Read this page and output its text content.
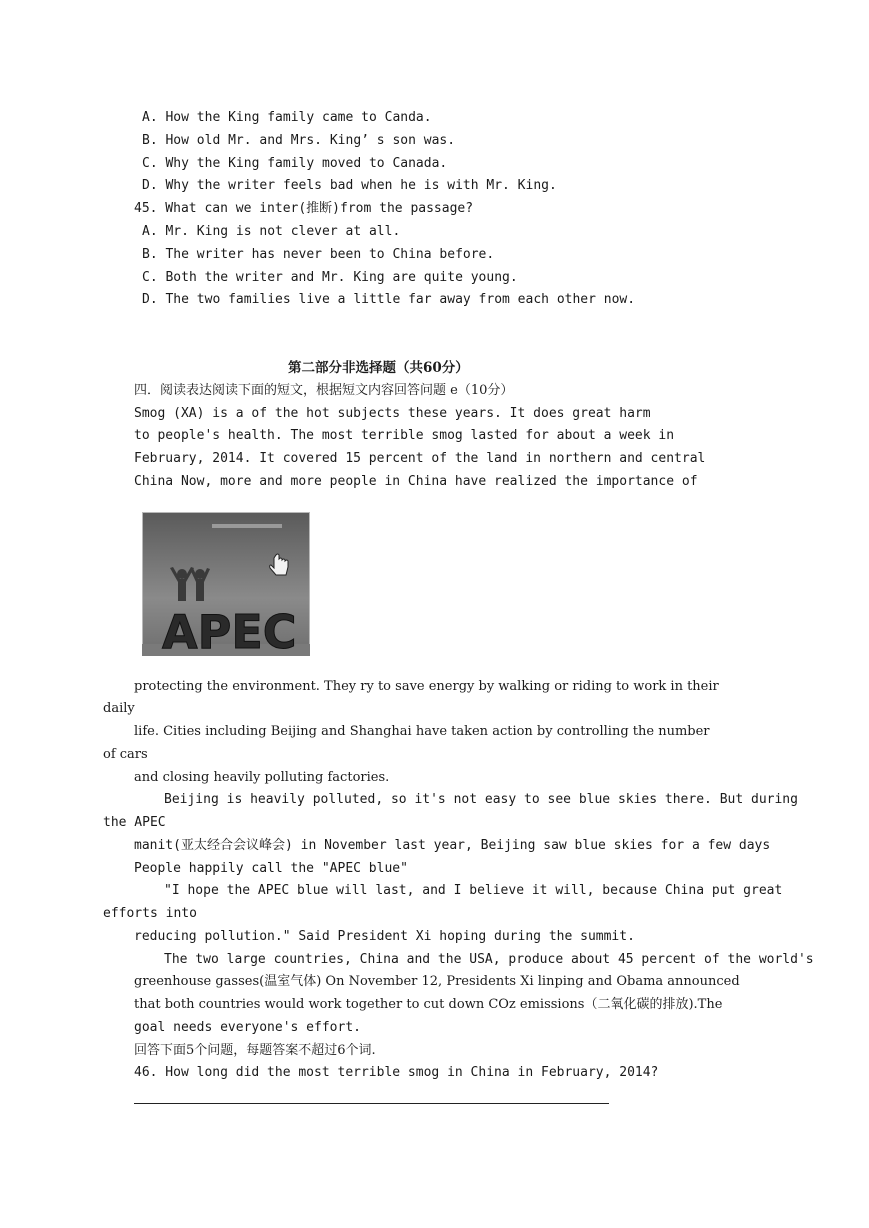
A. How the King family came to Canda.
B. How old Mr. and Mrs. King’ s son was.
C. Why the King family moved to Canada.
D. Why the writer feels bad when he is with Mr. King.
45. What can we inter(推断)from the passage?
A. Mr. King is not clever at all.
B. The writer has never been to China before.
C. Both the writer and Mr. King are quite young.
D. The two families live a little far away from each other now.
第二部分非选择题（共60分）
四．阅读表达阅读下面的短文，根据短文内容回答问题 e（10分）
Smog (XA) is a of the hot subjects these years. It does great harm
to people's health. The most terrible smog lasted for about a week in
February, 2014. It covered 15 percent of the land in northern and central
China Now, more and more people in China have realized the importance of
APEC
protecting the environment. They ry to save energy by walking or riding to work in their
daily
life. Cities including Beijing and Shanghai have taken action by controlling the number
of cars
and closing heavily polluting factories.
Beijing is heavily polluted, so it's not easy to see blue skies there. But during
the APEC
manit(亚太经合会议峰会) in November last year, Beijing saw blue skies for a few days
People happily call the "APEC blue"
"I hope the APEC blue will last, and I believe it will, because China put great
efforts into
reducing pollution." Said President Xi hoping during the summit.
The two large countries, China and the USA, produce about 45 percent of the world's
greenhouse gasses(温室气体) On November 12, Presidents Xi linping and Obama announced
that both countries would work together to cut down COz emissions（二氧化碳的排放).The
goal needs everyone's effort.
回答下面5个问题，每题答案不超过6个词.
46. How long did the most terrible smog in China in February, 2014?
